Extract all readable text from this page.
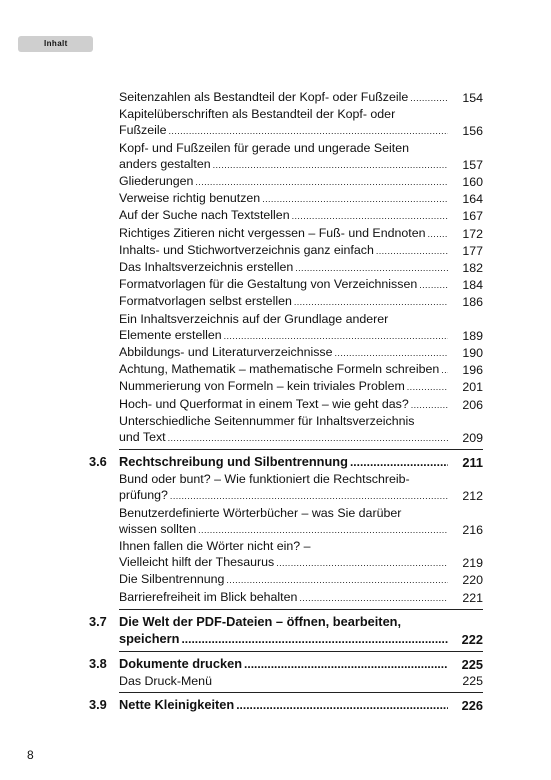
Inhalt
Seitenzahlen als Bestandteil der Kopf- oder Fußzeile .....	154
Kapitelüberschriften als Bestandteil der Kopf- oder
Fußzeile .....	156
Kopf- und Fußzeilen für gerade und ungerade Seiten
anders gestalten .....	157
Gliederungen .....	160
Verweise richtig benutzen .....	164
Auf der Suche nach Textstellen .....	167
Richtiges Zitieren nicht vergessen – Fuß- und Endnoten .....	172
Inhalts- und Stichwortverzeichnis ganz einfach .....	177
Das Inhaltsverzeichnis erstellen .....	182
Formatvorlagen für die Gestaltung von Verzeichnissen .....	184
Formatvorlagen selbst erstellen .....	186
Ein Inhaltsverzeichnis auf der Grundlage anderer
Elemente erstellen .....	189
Abbildungs- und Literaturverzeichnisse .....	190
Achtung, Mathematik – mathematische Formeln schreiben .....	196
Nummerierung von Formeln – kein triviales Problem .....	201
Hoch- und Querformat in einem Text – wie geht das? .....	206
Unterschiedliche Seitennummer für Inhaltsverzeichnis
und Text .....	209
3.6 Rechtschreibung und Silbentrennung .....	211
Bund oder bunt? – Wie funktioniert die Rechtschreib-
prüfung? .....	212
Benutzerdefinierte Wörterbücher – was Sie darüber
wissen sollten .....	216
Ihnen fallen die Wörter nicht ein? –
Vielleicht hilft der Thesaurus .....	219
Die Silbentrennung .....	220
Barrierefreiheit im Blick behalten .....	221
3.7 Die Welt der PDF-Dateien – öffnen, bearbeiten,
speichern .....	222
3.8 Dokumente drucken .....	225
Das Druck-Menü	225
3.9 Nette Kleinigkeiten .....	226
8
